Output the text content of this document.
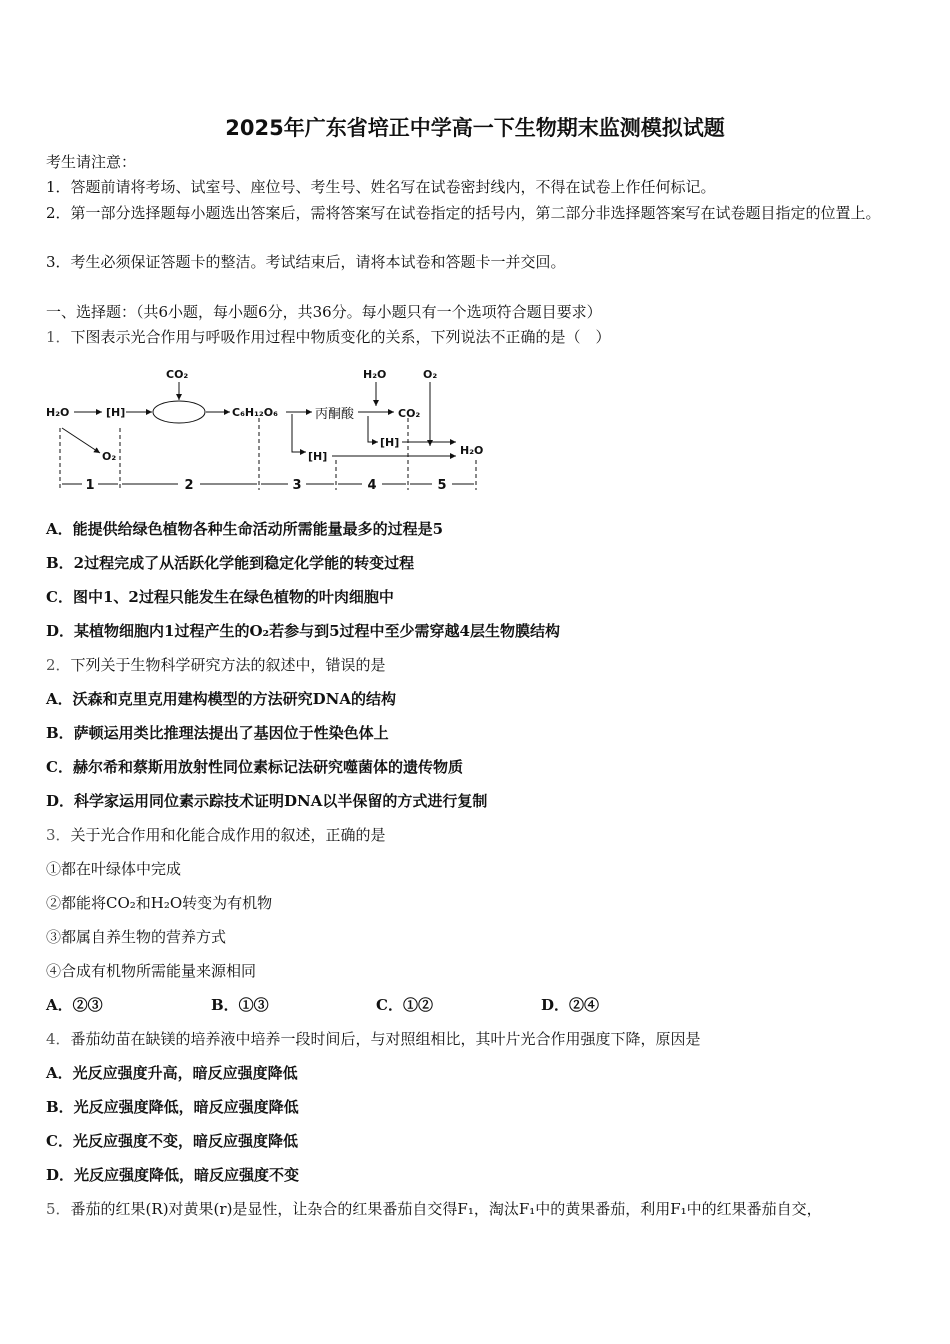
2025年广东省培正中学高一下生物期末监测模拟试题
考生请注意：
1．答题前请将考场、试室号、座位号、考生号、姓名写在试卷密封线内，不得在试卷上作任何标记。
2．第一部分选择题每小题选出答案后，需将答案写在试卷指定的括号内，第二部分非选择题答案写在试卷题目指定的位置上。
3．考生必须保证答题卡的整洁。考试结束后，请将本试卷和答题卡一并交回。
一、选择题：（共6小题，每小题6分，共36分。每小题只有一个选项符合题目要求）
1．下图表示光合作用与呼吸作用过程中物质变化的关系，下列说法不正确的是（　）
H₂O	[H]
CO₂
C₆H₁₂O₆	丙酮酸
H₂O	O₂
CO₂
O₂
[H]
[H]	H₂O
1	2	3	4	5
A．能提供给绿色植物各种生命活动所需能量最多的过程是5
B．2过程完成了从活跃化学能到稳定化学能的转变过程
C．图中1、2过程只能发生在绿色植物的叶肉细胞中
D．某植物细胞内1过程产生的O₂若参与到5过程中至少需穿越4层生物膜结构
2．下列关于生物科学研究方法的叙述中，错误的是
A．沃森和克里克用建构模型的方法研究DNA的结构
B．萨顿运用类比推理法提出了基因位于性染色体上
C．赫尔希和蔡斯用放射性同位素标记法研究噬菌体的遗传物质
D．科学家运用同位素示踪技术证明DNA以半保留的方式进行复制
3．关于光合作用和化能合成作用的叙述，正确的是
①都在叶绿体中完成
②都能将CO₂和H₂O转变为有机物
③都属自养生物的营养方式
④合成有机物所需能量来源相同
A．②③	B．①③	C．①②	D．②④
4．番茄幼苗在缺镁的培养液中培养一段时间后，与对照组相比，其叶片光合作用强度下降，原因是
A．光反应强度升高，暗反应强度降低
B．光反应强度降低，暗反应强度降低
C．光反应强度不变，暗反应强度降低
D．光反应强度降低，暗反应强度不变
5．番茄的红果(R)对黄果(r)是显性，让杂合的红果番茄自交得F₁，淘汰F₁中的黄果番茄，利用F₁中的红果番茄自交，
